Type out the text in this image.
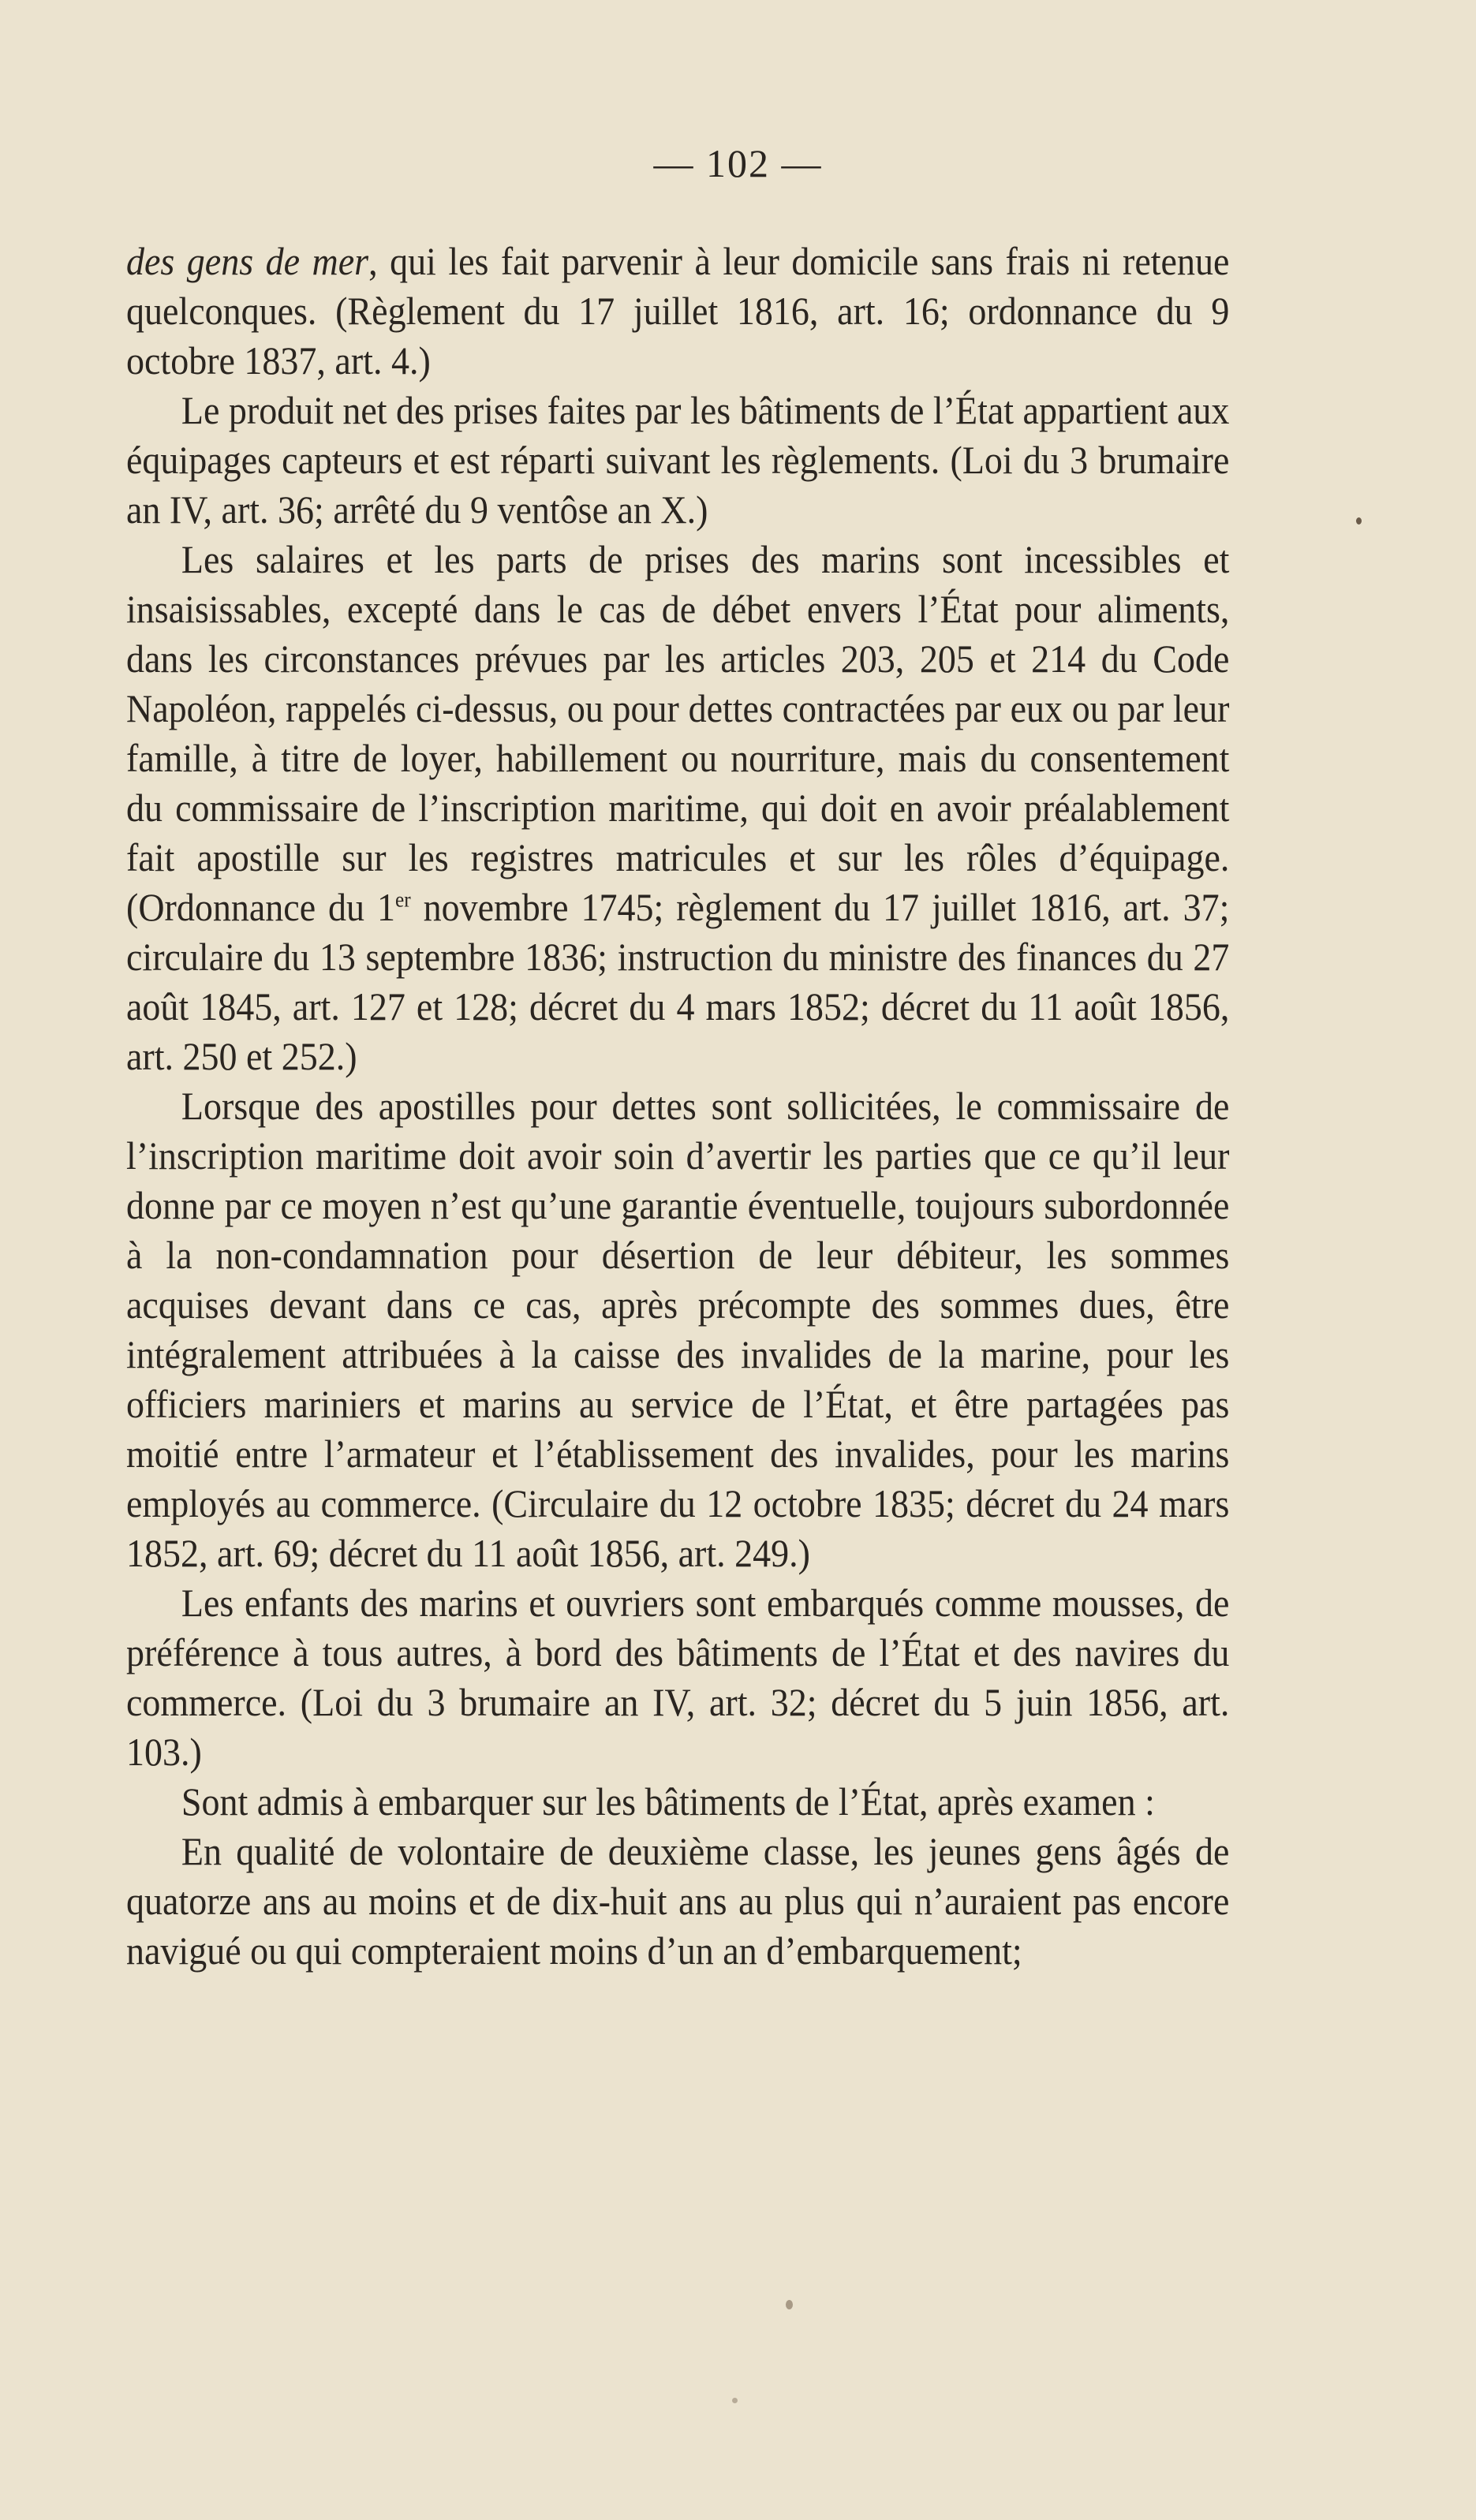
— 102 —

des gens de mer, qui les fait parvenir à leur domicile sans frais ni retenue quelconques. (Règlement du 17 juillet 1816, art. 16; ordonnance du 9 octobre 1837, art. 4.)

Le produit net des prises faites par les bâtiments de l’État appartient aux équipages capteurs et est réparti suivant les règlements. (Loi du 3 brumaire an IV, art. 36; arrêté du 9 ventôse an X.)

Les salaires et les parts de prises des marins sont incessibles et insaisissables, excepté dans le cas de débet envers l’État pour aliments, dans les circonstances prévues par les articles 203, 205 et 214 du Code Napoléon, rappelés ci-dessus, ou pour dettes contractées par eux ou par leur famille, à titre de loyer, habillement ou nourriture, mais du consentement du commissaire de l’inscription maritime, qui doit en avoir préalablement fait apostille sur les registres matricules et sur les rôles d’équipage. (Ordonnance du 1er novembre 1745; règlement du 17 juillet 1816, art. 37; circulaire du 13 septembre 1836; instruction du ministre des finances du 27 août 1845, art. 127 et 128; décret du 4 mars 1852; décret du 11 août 1856, art. 250 et 252.)

Lorsque des apostilles pour dettes sont sollicitées, le commissaire de l’inscription maritime doit avoir soin d’avertir les parties que ce qu’il leur donne par ce moyen n’est qu’une garantie éventuelle, toujours subordonnée à la non-condamnation pour désertion de leur débiteur, les sommes acquises devant dans ce cas, après précompte des sommes dues, être intégralement attribuées à la caisse des invalides de la marine, pour les officiers mariniers et marins au service de l’État, et être partagées pas moitié entre l’armateur et l’établissement des invalides, pour les marins employés au commerce. (Circulaire du 12 octobre 1835; décret du 24 mars 1852, art. 69; décret du 11 août 1856, art. 249.)

Les enfants des marins et ouvriers sont embarqués comme mousses, de préférence à tous autres, à bord des bâtiments de l’État et des navires du commerce. (Loi du 3 brumaire an IV, art. 32; décret du 5 juin 1856, art. 103.)

Sont admis à embarquer sur les bâtiments de l’État, après examen :

En qualité de volontaire de deuxième classe, les jeunes gens âgés de quatorze ans au moins et de dix-huit ans au plus qui n’auraient pas encore navigué ou qui compteraient moins d’un an d’embarquement;
